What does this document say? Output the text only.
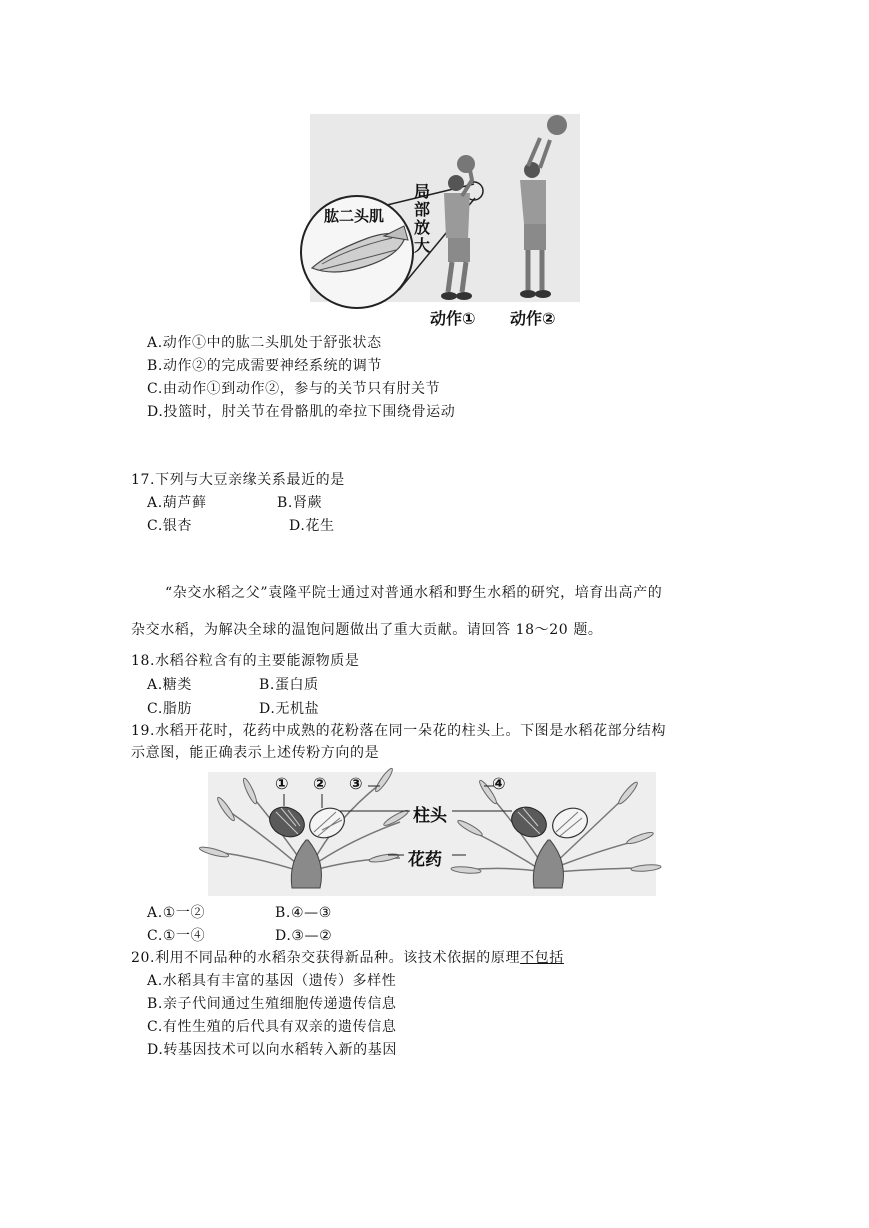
肱二头肌
局部放大
动作① 动作②
A.动作①中的肱二头肌处于舒张状态
B.动作②的完成需要神经系统的调节
C.由动作①到动作②，参与的关节只有肘关节
D.投篮时，肘关节在骨骼肌的牵拉下围绕骨运动
17.下列与大豆亲缘关系最近的是
A.葫芦藓	B.肾蕨
C.银杏	D.花生
“杂交水稻之父”袁隆平院士通过对普通水稻和野生水稻的研究，培育出高产的
杂交水稻，为解决全球的温饱问题做出了重大贡献。请回答 18～20 题。
18.水稻谷粒含有的主要能源物质是
A.糖类	B.蛋白质
C.脂肪	D.无机盐
19.水稻开花时，花药中成熟的花粉落在同一朵花的柱头上。下图是水稻花部分结构
示意图，能正确表示上述传粉方向的是
① ② ③	④
柱头
花药
A.①一②	B.④—③
C.①一④	D.③—②
20.利用不同品种的水稻杂交获得新品种。该技术依据的原理不包括
A.水稻具有丰富的基因（遗传）多样性
B.亲子代间通过生殖细胞传递遗传信息
C.有性生殖的后代具有双亲的遗传信息
D.转基因技术可以向水稻转入新的基因
